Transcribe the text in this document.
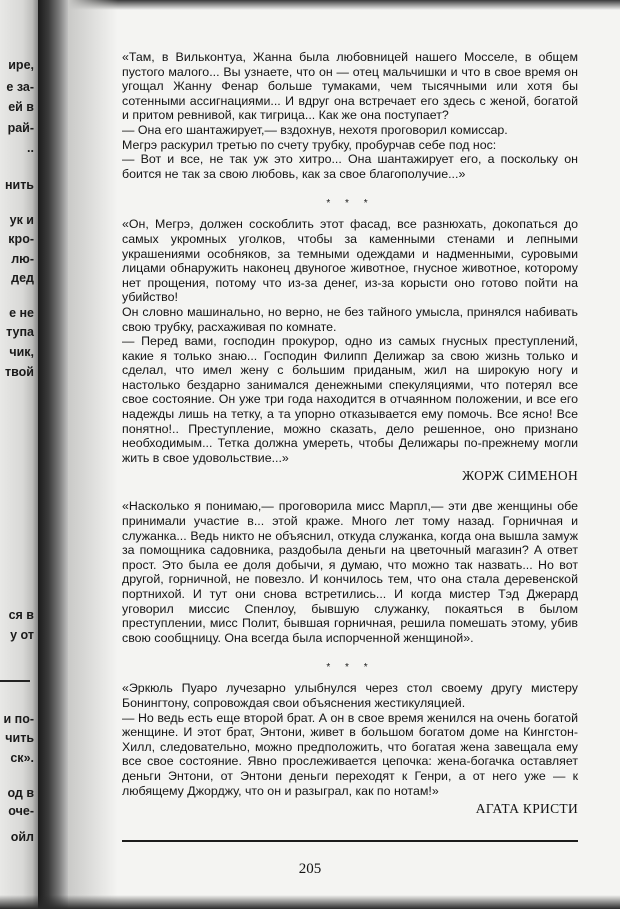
ире,
е за-
ей в
рай-
..
нить
ук и
кро-
лю-
дед
е не
тупа
чик,
твой
ся в
у от
и по-
чить
ск».
од в
оче-
ойл

«Там, в Вильконтуа, Жанна была любовницей нашего Мосселе, в общем пустого малого... Вы узнаете, что он — отец мальчишки и что в свое время он угощал Жанну Фенар больше тумаками, чем тысячными или хотя бы сотенными ассигнациями... И вдруг она встречает его здесь с женой, богатой и притом ревнивой, как тигрица... Как же она поступает?

— Она его шантажирует,— вздохнув, нехотя проговорил комиссар.

Мегрэ раскурил третью по счету трубку, пробурчав себе под нос:

— Вот и все, не так уж это хитро... Она шантажирует его, а поскольку он боится не так за свою любовь, как за свое благополучие...»

* * *

«Он, Мегрэ, должен соскоблить этот фасад, все разнюхать, докопаться до самых укромных уголков, чтобы за каменными стенами и лепными украшениями особняков, за темными одеждами и надменными, суровыми лицами обнаружить наконец двуногое животное, гнусное животное, которому нет прощения, потому что из-за денег, из-за корысти оно готово пойти на убийство!

Он словно машинально, но верно, не без тайного умысла, принялся набивать свою трубку, расхаживая по комнате.

— Перед вами, господин прокурор, одно из самых гнусных преступлений, какие я только знаю... Господин Филипп Делижар за свою жизнь только и сделал, что имел жену с большим приданым, жил на широкую ногу и настолько бездарно занимался денежными спекуляциями, что потерял все свое состояние. Он уже три года находится в отчаянном положении, и все его надежды лишь на тетку, а та упорно отказывается ему помочь. Все ясно! Все понятно!.. Преступление, можно сказать, дело решенное, оно признано необходимым... Тетка должна умереть, чтобы Делижары по-прежнему могли жить в свое удовольствие...»

ЖОРЖ СИМЕНОН

«Насколько я понимаю,— проговорила мисс Марпл,— эти две женщины обе принимали участие в... этой краже. Много лет тому назад. Горничная и служанка... Ведь никто не объяснил, откуда служанка, когда она вышла замуж за помощника садовника, раздобыла деньги на цветочный магазин? А ответ прост. Это была ее доля добычи, я думаю, что можно так назвать... Но вот другой, горничной, не повезло. И кончилось тем, что она стала деревенской портнихой. И тут они снова встретились... И когда мистер Тэд Джерард уговорил миссис Спенлоу, бывшую служанку, покаяться в былом преступлении, мисс Полит, бывшая горничная, решила помешать этому, убив свою сообщницу. Она всегда была испорченной женщиной».

* * *

«Эркюль Пуаро лучезарно улыбнулся через стол своему другу мистеру Бонингтону, сопровождая свои объяснения жестикуляцией.

— Но ведь есть еще второй брат. А он в свое время женился на очень богатой женщине. И этот брат, Энтони, живет в большом богатом доме на Кингстон-Хилл, следовательно, можно предположить, что богатая жена завещала ему все свое состояние. Явно прослеживается цепочка: жена-богачка оставляет деньги Энтони, от Энтони деньги переходят к Генри, а от него уже — к любящему Джорджу, что он и разыграл, как по нотам!»

АГАТА КРИСТИ
205
